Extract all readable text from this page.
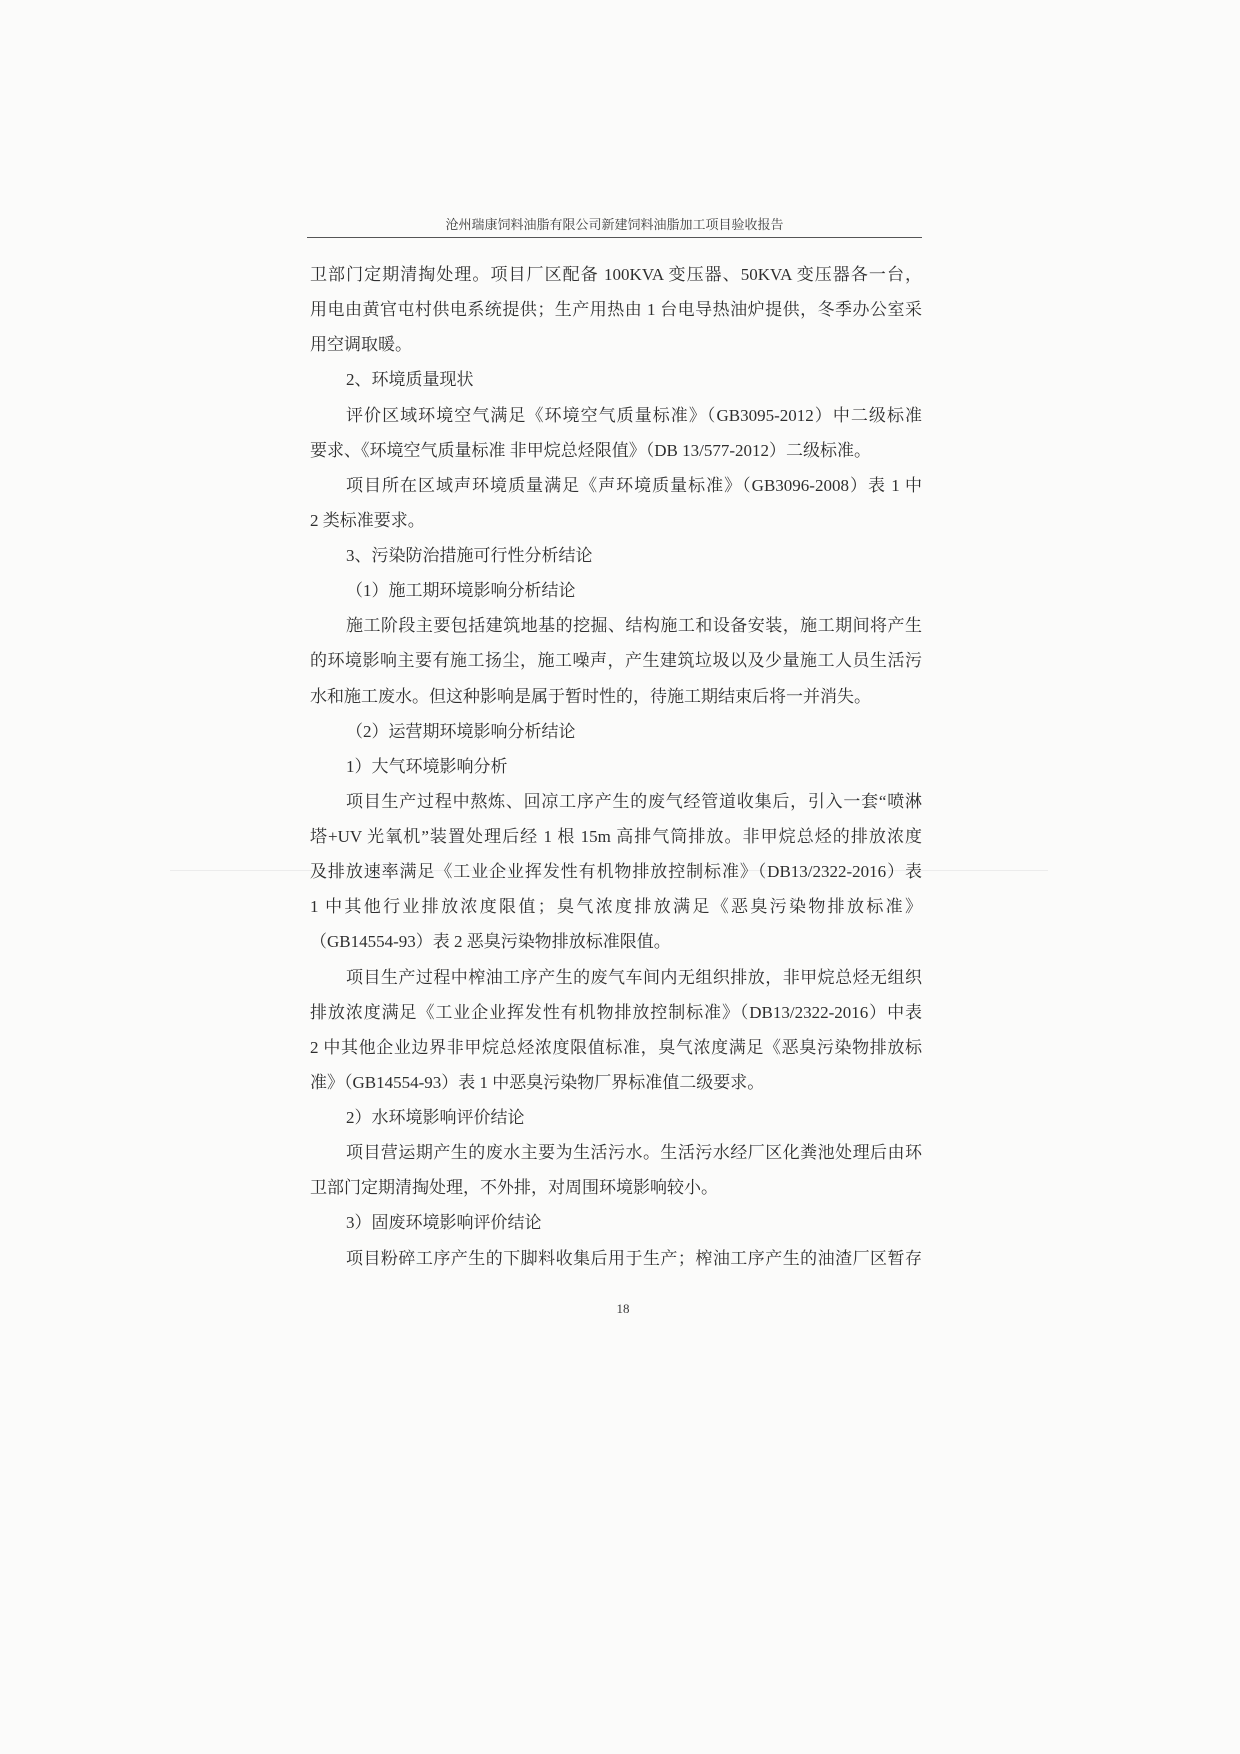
沧州瑞康饲料油脂有限公司新建饲料油脂加工项目验收报告
卫部门定期清掏处理。项目厂区配备 100KVA 变压器、50KVA 变压器各一台，
用电由黄官屯村供电系统提供；生产用热由 1 台电导热油炉提供，冬季办公室采
用空调取暖。
2、环境质量现状
评价区域环境空气满足《环境空气质量标准》（GB3095-2012）中二级标准
要求、《环境空气质量标准 非甲烷总烃限值》（DB 13/577-2012）二级标准。
项目所在区域声环境质量满足《声环境质量标准》（GB3096-2008）表 1 中
2 类标准要求。
3、污染防治措施可行性分析结论
（1）施工期环境影响分析结论
施工阶段主要包括建筑地基的挖掘、结构施工和设备安装，施工期间将产生
的环境影响主要有施工扬尘，施工噪声，产生建筑垃圾以及少量施工人员生活污
水和施工废水。但这种影响是属于暂时性的，待施工期结束后将一并消失。
（2）运营期环境影响分析结论
1）大气环境影响分析
项目生产过程中熬炼、回凉工序产生的废气经管道收集后，引入一套“喷淋
塔+UV 光氧机”装置处理后经 1 根 15m 高排气筒排放。非甲烷总烃的排放浓度
及排放速率满足《工业企业挥发性有机物排放控制标准》（DB13/2322-2016）表
1 中其他行业排放浓度限值；臭气浓度排放满足《恶臭污染物排放标准》
（GB14554-93）表 2 恶臭污染物排放标准限值。
项目生产过程中榨油工序产生的废气车间内无组织排放，非甲烷总烃无组织
排放浓度满足《工业企业挥发性有机物排放控制标准》（DB13/2322-2016）中表
2 中其他企业边界非甲烷总烃浓度限值标准，臭气浓度满足《恶臭污染物排放标
准》（GB14554-93）表 1 中恶臭污染物厂界标准值二级要求。
2）水环境影响评价结论
项目营运期产生的废水主要为生活污水。生活污水经厂区化粪池处理后由环
卫部门定期清掏处理，不外排，对周围环境影响较小。
3）固废环境影响评价结论
项目粉碎工序产生的下脚料收集后用于生产；榨油工序产生的油渣厂区暂存
18
